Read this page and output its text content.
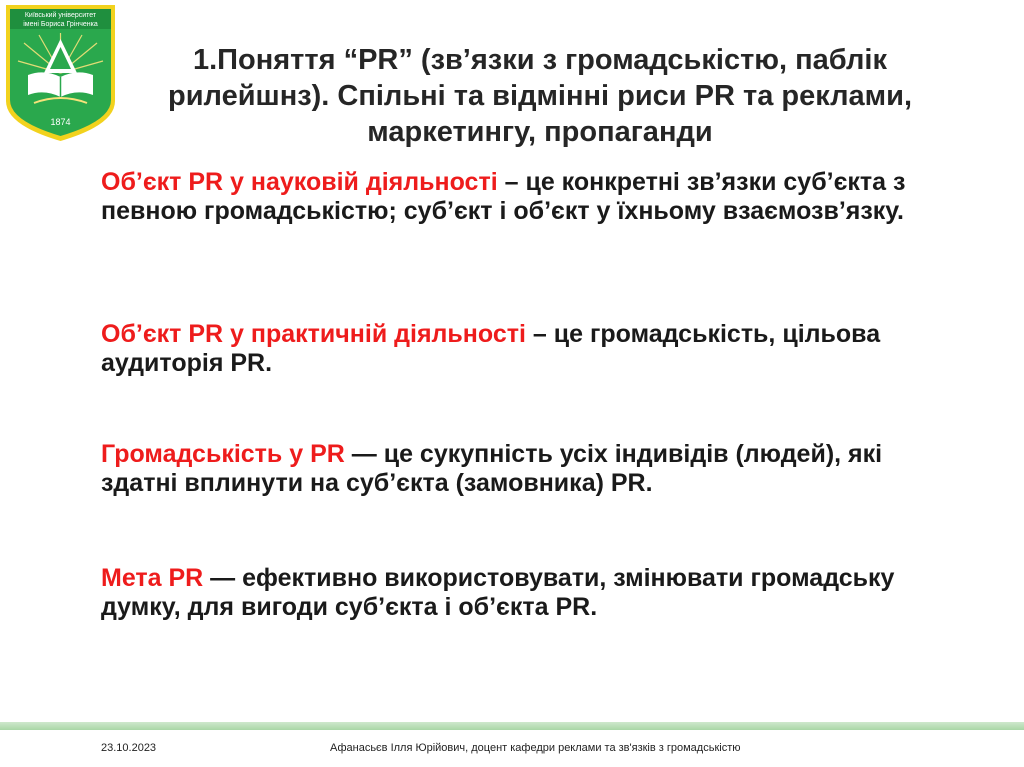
Київський університет
імені Бориса Грінченка
1874
1.Поняття “PR” (зв’язки з громадськістю, паблік рилейшнз). Спільні та відмінні риси PR та реклами, маркетингу, пропаганди

Об’єкт PR у науковій діяльності – це конкретні зв’язки суб’єкта з певною громадськістю; суб’єкт і об’єкт у їхньому взаємозв’язку.

Об’єкт PR у практичній діяльності – це громадськість, цільова аудиторія PR.

Громадськість у PR — це сукупність усіх індивідів (людей), які здатні вплинути на суб’єкта (замовника) PR.

Мета PR — ефективно використовувати, змінювати громадську думку, для вигоди суб’єкта і об’єкта PR.

23.10.2023	Афанасьєв Ілля Юрійович, доцент кафедри реклами та зв'язків з громадськістю
